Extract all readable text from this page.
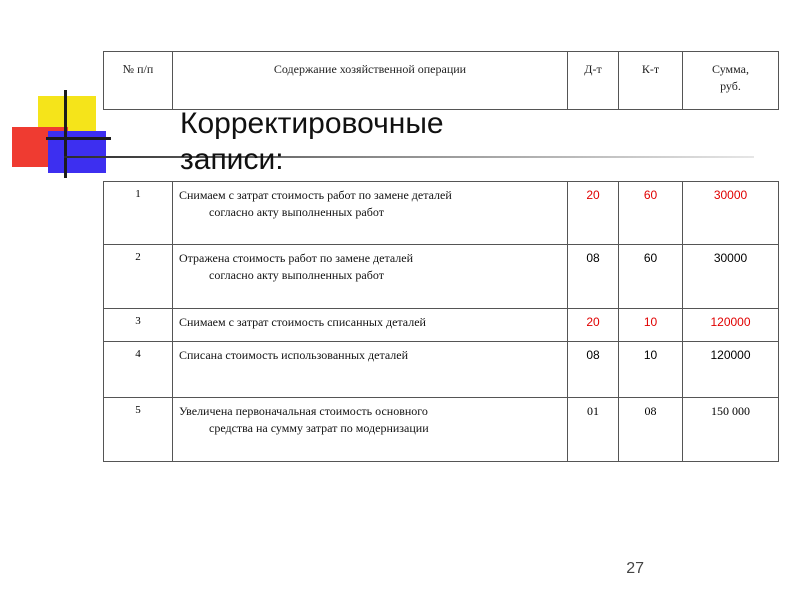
№ п/п	Содержание хозяйственной операции	Д-т	К-т	Сумма,
руб.
Корректировочные
записи:
1	Снимаем с затрат стоимость работ по замене деталей
согласно акту выполненных работ	20	60	30000
2	Отражена стоимость работ по замене деталей
согласно акту выполненных работ	08	60	30000
3	Снимаем с затрат стоимость списанных деталей	20	10	120000
4	Списана стоимость использованных деталей	08	10	120000
5	Увеличена первоначальная стоимость основного
средства на сумму затрат по модернизации	01	08	150 000
27
